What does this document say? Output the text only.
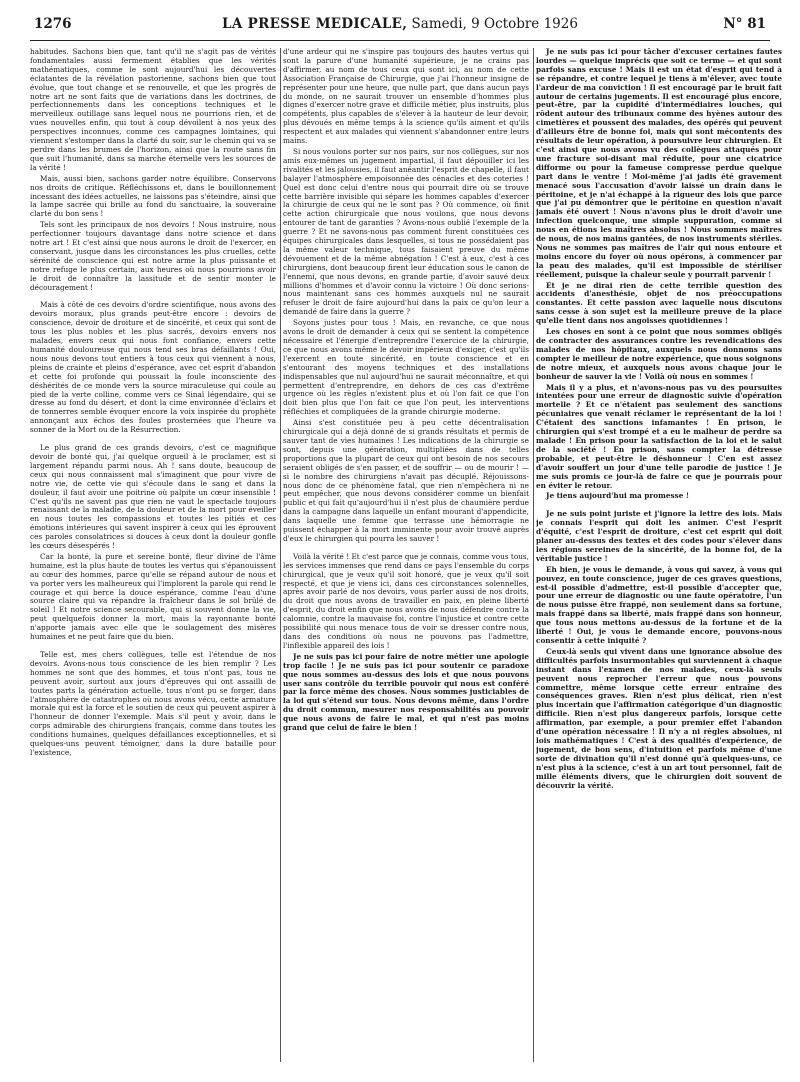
1276	LA PRESSE MEDICALE, Samedi, 9 Octobre 1926	N° 81

habitudes. Sachons bien que, tant qu'il ne s'agit pas de vérités fondamentales aussi fermement établies que les vérités mathématiques, comme le sont aujourd'hui les découvertes éclatantes de la révélation pastorienne, sachons bien que tout évolue, que tout change et se renouvelle, et que les progrès de notre art ne sont faits que de variations dans les doctrines, de perfectionnements dans les conceptions techniques et le merveilleux outillage sans lequel nous ne pourrions rien, et de vues nouvelles enfin, qui tout à coup dévoilent à nos yeux des perspectives inconnues, comme ces campagnes lointaines, qui viennent s'estomper dans la clarté du soir, sur le chemin qui va se perdre dans les brumes de l'horizon, ainsi que la route sans fin que suit l'humanité, dans sa marche éternelle vers les sources de la vérité !

Mais, aussi bien, sachons garder notre équilibre. Conservons nos droits de critique. Réfléchissons et, dans le bouillonnement incessant des idées actuelles, ne laissons pas s'éteindre, ainsi que la lampe sacrée qui brille au fond du sanctuaire, la souveraine clarté du bon sens !

Tels sont les principaux de nos devoirs ! Nous instruire, nous perfectionner toujours davantage dans notre science et dans notre art ! Et c'est ainsi que nous aurons le droit de l'exercer, en conservant, jusque dans les circonstances les plus cruelles, cette sérénité de conscience qui est notre arme la plus puissante et notre refuge le plus certain, aux heures où nous pourrions avoir le droit de connaître la lassitude et de sentir monter le découragement !

Mais à côté de ces devoirs d'ordre scientifique, nous avons des devoirs moraux, plus grands peut-être encore : devoirs de conscience, devoir de droiture et de sincérité, et ceux qui sont de tous les plus nobles et les plus sacrés, devoirs envers nos malades, envers ceux qui nous font confiance, envers cette humanité douloureuse qui nous tend ses bras défaillants ! Oui, nous nous devons tout entiers à tous ceux qui viennent à nous, pleins de crainte et pleins d'espérance, avec cet esprit d'abandon et cette foi profonde qui poussait la foule inconsciente des déshérités de ce monde vers la source miraculeuse qui coule au pied de la verte colline, comme vers ce Sinaï légendaire, qui se dresse au fond du désert, et dont la cime environnée d'éclairs et de tonnerres semble évoquer encore la voix inspirée du prophète annonçant aux échos des foules prosternées que l'heure va sonner de la Mort ou de la Résurrection.

Le plus grand de ces grands devoirs, c'est ce magnifique devoir de bonté qui, j'ai quelque orgueil à le proclamer, est si largement répandu parmi nous. Ah ! sans doute, beaucoup de ceux qui nous connaissent mal s'imaginent que pour vivre de notre vie, de cette vie qui s'écoule dans le sang et dans la douleur, il faut avoir une poitrine où palpite un cœur insensible ! C'est qu'ils ne savent pas que rien ne vaut le spectacle toujours renaissant de la maladie, de la douleur et de la mort pour éveiller en nous toutes les compassions et toutes les pitiés et ces émotions intérieures qui savent inspirer à ceux qui les éprouvent ces paroles consolatrices si douces à ceux dont la douleur gonfle les cœurs désespérés !

Car la bonté, la pure et sereine bonté, fleur divine de l'âme humaine, est la plus haute de toutes les vertus qui s'épanouissent au cœur des hommes, parce qu'elle se répand autour de nous et va porter vers les malheureux qui l'implorent la parole qui rend le courage et qui berce la douce espérance, comme l'eau d'une source claire qui va répandre la fraîcheur dans le sol brûlé de soleil ! Et notre science secourable, qui si souvent donne la vie, peut quelquefois donner la mort, mais la rayonnante bonté n'apporte jamais avec elle que le soulagement des misères humaines et ne peut faire que du bien.

Telle est, mes chers collègues, telle est l'étendue de nos devoirs. Avons-nous tous conscience de les bien remplir ? Les hommes ne sont que des hommes, et tous n'ont pas, tous ne peuvent avoir, surtout aux jours d'épreuves qui ont assailli de toutes parts la génération actuelle, tous n'ont pu se forger, dans l'atmosphère de catastrophes où nous avons vécu, cette armature morale qui est la force et le soutien de ceux qui peuvent aspirer à l'honneur de donner l'exemple. Mais s'il peut y avoir, dans le corps admirable des chirurgiens français, comme dans toutes les conditions humaines, quelques défaillances exceptionnelles, et si quelques-uns peuvent témoigner, dans la dure bataille pour l'existence,

d'une ardeur qui ne s'inspire pas toujours des hautes vertus qui sont la parure d'une humanité supérieure, je ne crains pas d'affirmer, au nom de tous ceux qui sont ici, au nom de cette Association Française de Chirurgie, que j'ai l'honneur insigne de représenter pour une heure, que nulle part, que dans aucun pays du monde, on ne saurait trouver un ensemble d'hommes plus dignes d'exercer notre grave et difficile métier, plus instruits, plus compétents, plus capables de s'élever à la hauteur de leur devoir, plus dévoués en même temps à la science qu'ils aiment et qu'ils respectent et aux malades qui viennent s'abandonner entre leurs mains.

Si nous voulons porter sur nos pairs, sur nos collègues, sur nos amis eux-mêmes un jugement impartial, il faut dépouiller ici les rivalités et les jalousies, il faut anéantir l'esprit de chapelle, il faut balayer l'atmosphère empoisonnée des cénacles et des coteries ! Quel est donc celui d'entre nous qui pourrait dire où se trouve cette barrière invisible qui sépare les hommes capables d'exercer la chirurgie de ceux qui ne le sont pas ? Où commence, où finit cette action chirurgicale que nous voulons, que nous devons entourer de tant de garanties ? Avons-nous oublié l'exemple de la guerre ? Et ne savons-nous pas comment furent constituées ces équipes chirurgicales dans lesquelles, si tous ne possédaient pas la même valeur technique, tous faisaient preuve du même dévouement et de la même abnégation ! C'est à eux, c'est à ces chirurgiens, dont beaucoup firent leur éducation sous le canon de l'ennemi, que nous devons, en grande partie, d'avoir sauvé deux millions d'hommes et d'avoir connu la victoire ! Où donc serions-nous maintenant sans ces hommes auxquels nul ne saurait refuser le droit de faire aujourd'hui dans la paix ce qu'on leur a demandé de faire dans la guerre ?

Soyons justes pour tous ! Mais, en revanche, ce que nous avons le droit de demander à ceux qui se sentent la compétence nécessaire et l'énergie d'entreprendre l'exercice de la chirurgie, ce que nous avons même le devoir impérieux d'exiger, c'est qu'ils l'exercent en toute sincérité, en toute conscience et en s'entourant des moyens techniques et des installations indispensables que nul aujourd'hui ne saurait méconnaître, et qui permettent d'entreprendre, en dehors de ces cas d'extrême urgence où les règles n'existent plus et où l'on fait ce que l'on doit bien plus que l'on fait ce que l'on peut, les interventions réfléchies et compliquées de la grande chirurgie moderne.

Ainsi s'est constituée peu à peu cette décentralisation chirurgicale qui a déjà donné de si grands résultats et permis de sauver tant de vies humaines ! Les indications de la chirurgie se sont, depuis une génération, multipliées dans de telles proportions que la plupart de ceux qui ont besoin de nos secours seraient obligés de s'en passer, et de souffrir — ou de mourir ! — si le nombre des chirurgiens n'avait pas décuplé. Réjouissons-nous donc de ce phénomène fatal, que rien n'empêchera ni ne peut empêcher, que nous devons considérer comme un bienfait public et qui fait qu'aujourd'hui il n'est plus de chaumière perdue dans la campagne dans laquelle un enfant mourant d'appendicite, dans laquelle une femme que terrasse une hémorragie ne puissent échapper à la mort imminente pour avoir trouvé auprès d'eux le chirurgien qui pourra les sauver !

Voilà la vérité ! Et c'est parce que je connais, comme vous tous, les services immenses que rend dans ce pays l'ensemble du corps chirurgical, que je veux qu'il soit honoré, que je veux qu'il soit respecté, et que je viens ici, dans ces circonstances solennelles, après avoir parlé de nos devoirs, vous parler aussi de nos droits, du droit que nous avons de travailler en paix, en pleine liberté d'esprit, du droit enfin que nous avons de nous défendre contre la calomnie, contre la mauvaise foi, contre l'injustice et contre cette possibilité qui nous menace tous de voir se dresser contre nous, dans des conditions où nous ne pouvons pas l'admettre, l'inflexible appareil des lois !

Je ne suis pas ici pour faire de notre métier une apologie trop facile ! Je ne suis pas ici pour soutenir ce paradoxe que nous sommes au-dessus des lois et que nous pouvons user sans contrôle du terrible pouvoir qui nous est conféré par la force même des choses. Nous sommes justiciables de la loi qui s'étend sur tous. Nous devons même, dans l'ordre du droit commun, mesurer nos responsabilités au pouvoir que nous avons de faire le mal, et qui n'est pas moins grand que celui de faire le bien !

Je ne suis pas ici pour tâcher d'excuser certaines fautes lourdes — quelque imprécis que soit ce terme — et qui sont parfois sans excuse ! Mais il est un état d'esprit qui tend à se répandre, et contre lequel je tiens à m'élever, avec toute l'ardeur de ma conviction ! Il est encouragé par le bruit fait autour de certains jugements. Il est encouragé plus encore, peut-être, par la cupidité d'intermédiaires louches, qui rôdent autour des tribunaux comme des hyènes autour des cimetières et poussent des malades, des opérés qui peuvent d'ailleurs être de bonne foi, mais qui sont mécontents des résultats de leur opération, à poursuivre leur chirurgien. Et c'est ainsi que nous avons vu des collègues attaqués pour une fracture soi-disant mal réduite, pour une cicatrice difforme ou pour la fameuse compresse perdue quelque part dans le ventre ! Moi-même j'ai jadis été gravement menacé sous l'accusation d'avoir laissé un drain dans le péritoine, et je n'ai échappé à la rigueur des lois que parce que j'ai pu démontrer que le péritoine en question n'avait jamais été ouvert ! Nous n'avons plus le droit d'avoir une infection quelconque, une simple suppuration, comme si nous en étions les maîtres absolus ! Nous sommes maîtres de nous, de nos mains gantées, de nos instruments stériles. Nous ne sommes pas maîtres de l'air qui nous entoure et moins encore du foyer où nous opérons, à commencer par la peau des malades, qu'il est impossible de stériliser réellement, puisque la chaleur seule y pourrait parvenir !

Et je ne dirai rien de cette terrible question des accidents d'anesthésie, objet de nos préoccupations constantes. Et cette passion avec laquelle nous discutons sans cesse à son sujet est la meilleure preuve de la place qu'elle tient dans nos angoisses quotidiennes !

Les choses en sont à ce point que nous sommes obligés de contracter des assurances contre les revendications des malades de nos hôpitaux, auxquels nous donnons sans compter le meilleur de notre expérience, que nous soignons de notre mieux, et auxquels nous avons chaque jour le bonheur de sauver la vie ! Voilà où nous en sommes !

Mais il y a plus, et n'avons-nous pas vu des poursuites intentées pour une erreur de diagnostic suivie d'opération mortelle ? Et ce n'étaient pas seulement des sanctions pécuniaires que venait réclamer le représentant de la loi ! C'étaient des sanctions infamantes ! En prison, le chirurgien qui s'est trompé et a eu le malheur de perdre sa malade ! En prison pour la satisfaction de la loi et le salut de la société ! En prison, sans compter la détresse probable, et peut-être le déshonneur ! C'en est assez d'avoir souffert un jour d'une telle parodie de justice ! Je me suis promis ce jour-là de faire ce que je pourrais pour en éviter le retour.

Je tiens aujourd'hui ma promesse !

Je ne suis point juriste et j'ignore la lettre des lois. Mais je connais l'esprit qui doit les animer. C'est l'esprit d'équité, c'est l'esprit de droiture, c'est cet esprit qui doit planer au-dessus des textes et des codes pour s'élever dans les régions sereines de la sincérité, de la bonne foi, de la véritable justice !

Eh bien, je vous le demande, à vous qui savez, à vous qui pouvez, en toute conscience, juger de ces graves questions, est-il possible d'admettre, est-il possible d'accepter que, pour une erreur de diagnostic ou une faute opératoire, l'un de nous puisse être frappé, non seulement dans sa fortune, mais frappé dans sa liberté, mais frappé dans son honneur, que tous nous mettons au-dessus de la fortune et de la liberté ! Oui, je vous le demande encore, pouvons-nous consentir à cette iniquité ?

Ceux-là seuls qui vivent dans une ignorance absolue des difficultés parfois insurmontables qui surviennent à chaque instant dans l'examen de nos malades, ceux-là seuls peuvent nous reprocher l'erreur que nous pouvons commettre, même lorsque cette erreur entraîne des conséquences graves. Rien n'est plus délicat, rien n'est plus incertain que l'affirmation catégorique d'un diagnostic difficile. Rien n'est plus dangereux parfois, lorsque cette affirmation, par exemple, a pour premier effet l'abandon d'une opération nécessaire ! Il n'y a ni règles absolues, ni lois mathématiques ! C'est à des qualités d'expérience, de jugement, de bon sens, d'intuition et parfois même d'une sorte de divination qu'il n'est donné qu'à quelques-uns, ce n'est plus à la science, c'est à un art tout personnel, fait de mille éléments divers, que le chirurgien doit souvent de découvrir la vérité.
